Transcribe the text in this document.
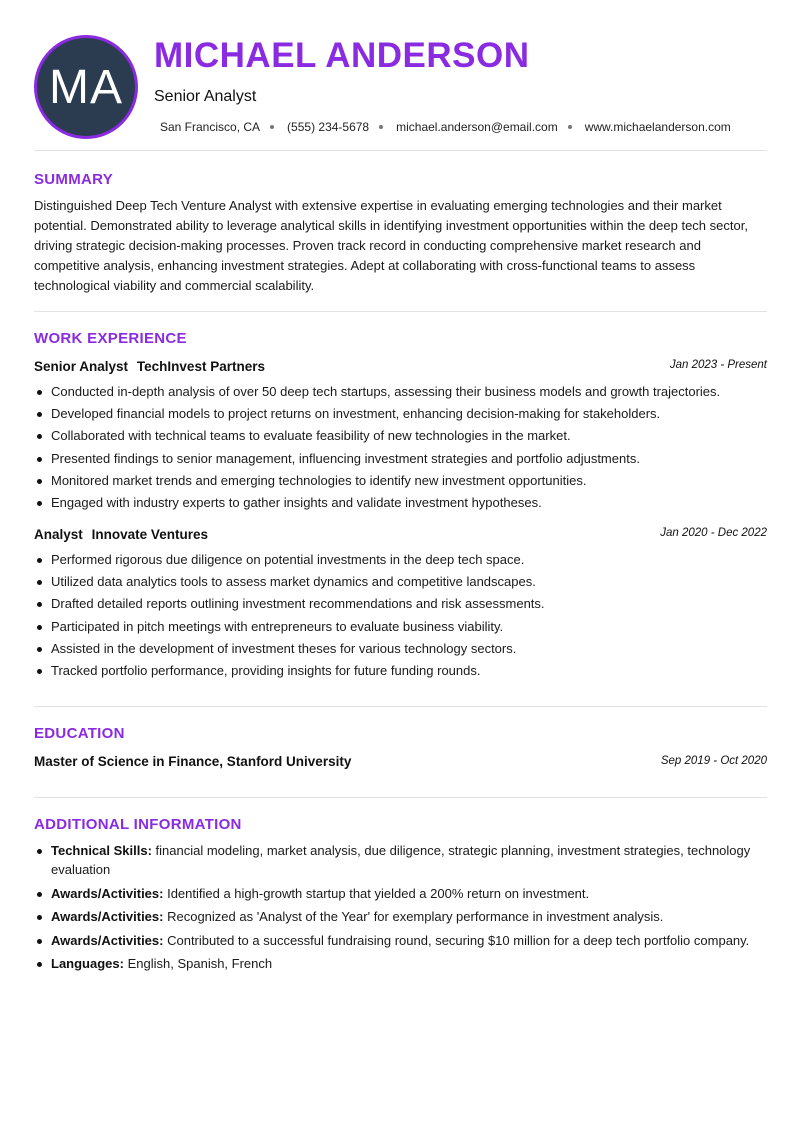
MA
MICHAEL ANDERSON
Senior Analyst
San Francisco, CA (555) 234-5678 michael.anderson@email.com www.michaelanderson.com
SUMMARY

Distinguished Deep Tech Venture Analyst with extensive expertise in evaluating emerging technologies and their market potential. Demonstrated ability to leverage analytical skills in identifying investment opportunities within the deep tech sector, driving strategic decision-making processes. Proven track record in conducting comprehensive market research and competitive analysis, enhancing investment strategies. Adept at collaborating with cross-functional teams to assess technological viability and commercial scalability.

WORK EXPERIENCE
Senior Analyst TechInvest Partners	Jan 2023 - Present
Conducted in-depth analysis of over 50 deep tech startups, assessing their business models and growth trajectories.
Developed financial models to project returns on investment, enhancing decision-making for stakeholders.
Collaborated with technical teams to evaluate feasibility of new technologies in the market.
Presented findings to senior management, influencing investment strategies and portfolio adjustments.
Monitored market trends and emerging technologies to identify new investment opportunities.
Engaged with industry experts to gather insights and validate investment hypotheses.
Analyst Innovate Ventures	Jan 2020 - Dec 2022
Performed rigorous due diligence on potential investments in the deep tech space.
Utilized data analytics tools to assess market dynamics and competitive landscapes.
Drafted detailed reports outlining investment recommendations and risk assessments.
Participated in pitch meetings with entrepreneurs to evaluate business viability.
Assisted in the development of investment theses for various technology sectors.
Tracked portfolio performance, providing insights for future funding rounds.
EDUCATION
Master of Science in Finance, Stanford University	Sep 2019 - Oct 2020
ADDITIONAL INFORMATION
Technical Skills: financial modeling, market analysis, due diligence, strategic planning, investment strategies, technology evaluation
Awards/Activities: Identified a high-growth startup that yielded a 200% return on investment.
Awards/Activities: Recognized as 'Analyst of the Year' for exemplary performance in investment analysis.
Awards/Activities: Contributed to a successful fundraising round, securing $10 million for a deep tech portfolio company.
Languages: English, Spanish, French
